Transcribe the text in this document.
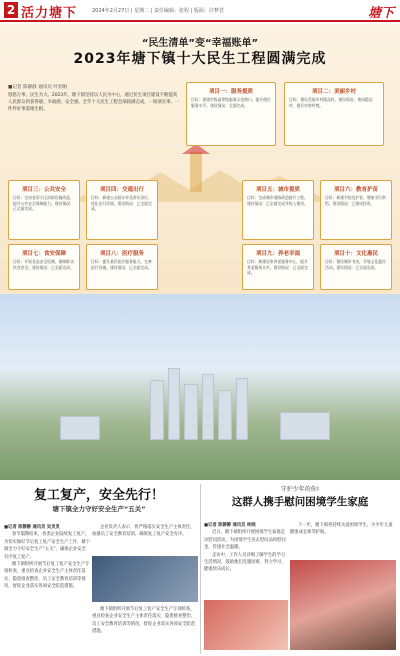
2 活力塘下	2024年2月27日 | 星期二 | 责任编辑：张程 | 版面：许梦君	塘下
“民生清单”变“幸福账单”
2023年塘下镇十大民生工程圆满完成
■记者 陈静静 通讯员 叶润娟
悠悠万事，民生为大。2023年，塘下镇坚持以人民为中心，通过民生项目建设不断提高人民群众的获得感、幸福感、安全感。全年十大民生工程全部圆满完成，一项项实事、一件件好事落地生根。
项目一：服务提质
目标：创建市级高等级服务示范窗口，提升便民服务水平。建设情况：全面完成。
项目二：美丽乡村
目标：建设美丽乡村精品村。建设情况：建成精品村，提升村容村貌。
项目三：公共安全
目标：完成老旧小区消防设施改造，提升公共安全保障能力。建设情况：已全面完成。
项目四：交通出行
目标：新建公交候车亭及停车泊位，优化出行环境。建设情况：已全面完成。
项目五：城市提质
目标：完成城市道路改造提升工程。建设情况：已全面完成并投入使用。
项目六：教育护苗
目标：新建学校及扩容，增加学位供给。建设情况：已建成投用。
项目七：食安保障
目标：开展食品安全检测，保障群众饮食安全。建设情况：已全面完成。
项目八：医疗服务
目标：提升基层医疗服务能力，完善医疗设施。建设情况：已全面完成。
项目九：养老幸福
目标：新建居家养老服务中心，提升养老服务水平。建设情况：已全面完成。
项目十：文化惠民
目标：建设城市书房，开展文化惠民活动。建设情况：已全面完成。
复工复产，安全先行！
塘下镇全力守好安全生产“五关”
守护少年的你!
这群人携手慰问困境学生家庭

■记者 陈静静 通讯员 吴灵灵

春节假期结束，各类企业陆续复工复产。为切实做好节后复工复产安全生产工作，塘下镇全力守好安全生产“五关”，确保企业安全有序复工复产。

塘下镇组织开展节后复工复产安全生产专项检查，重点检查企业安全生产主体责任落实、隐患排查整治、员工安全教育培训等情况，督促企业落实各项安全防范措施。

企业负责人表示，将严格落实安全生产主体责任，加强员工安全教育培训，确保复工复产安全有序。

塘下镇组织开展节后复工复产安全生产专项检查，重点检查企业安全生产主体责任落实、隐患排查整治、员工安全教育培训等情况，督促企业落实各项安全防范措施。

■记者 陈静静 通讯员 林晓

近日，塘下镇组织开展困境学生家庭走访慰问活动，为困境学生送去慰问品和慰问金，传递社会温暖。

走访中，工作人员详细了解学生的学习生活情况，鼓励他们克服困难、努力学习，健康快乐成长。

下一步，塘下镇将持续关爱困境学生，为少年儿童健康成长保驾护航。
